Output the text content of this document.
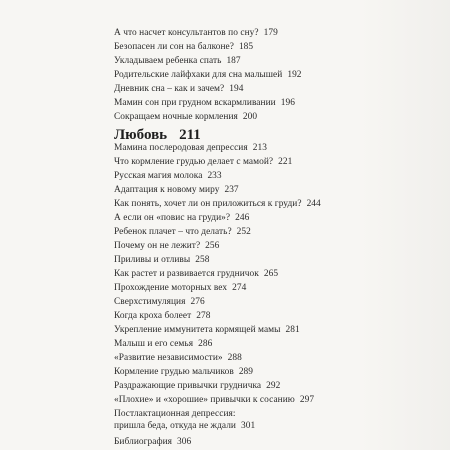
А что насчет консультантов по сну? 179
Безопасен ли сон на балконе? 185
Укладываем ребенка спать 187
Родительские лайфхаки для сна малышей 192
Дневник сна – как и зачем? 194
Мамин сон при грудном вскармливании 196
Сокращаем ночные кормления 200
Любовь 211
Мамина послеродовая депрессия 213
Что кормление грудью делает с мамой? 221
Русская магия молока 233
Адаптация к новому миру 237
Как понять, хочет ли он приложиться к груди? 244
А если он «повис на груди»? 246
Ребенок плачет – что делать? 252
Почему он не лежит? 256
Приливы и отливы 258
Как растет и развивается грудничок 265
Прохождение моторных вех 274
Сверхстимуляция 276
Когда кроха болеет 278
Укрепление иммунитета кормящей мамы 281
Малыш и его семья 286
«Развитие независимости» 288
Кормление грудью мальчиков 289
Раздражающие привычки грудничка 292
«Плохие» и «хорошие» привычки к сосанию 297
Постлактационная депрессия:
пришла беда, откуда не ждали 301
Библиография 306
